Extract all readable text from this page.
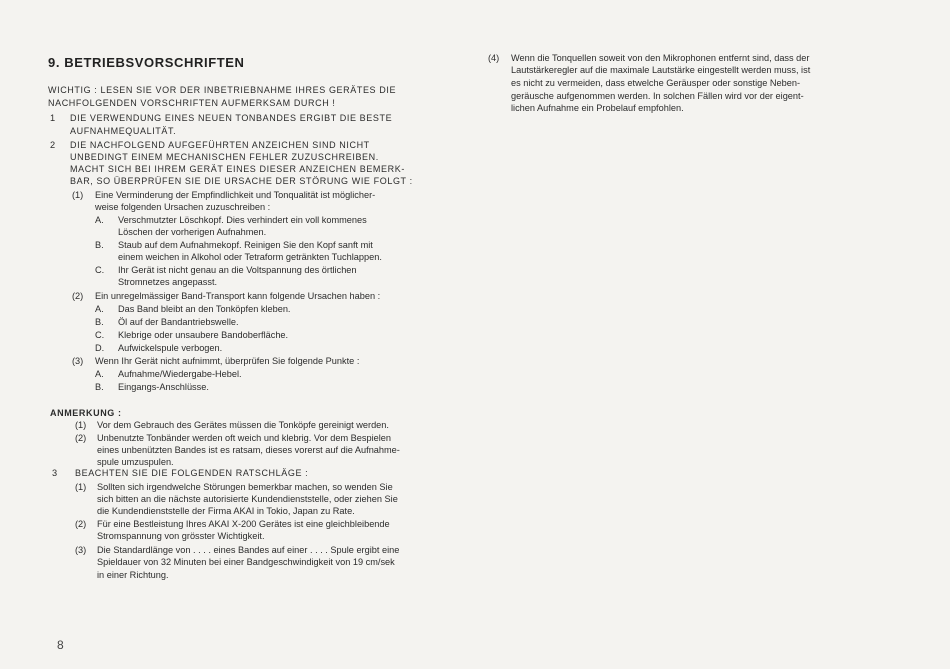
9. BETRIEBSVORSCHRIFTEN
WICHTIG : LESEN SIE VOR DER INBETRIEBNAHME IHRES GERÄTES DIE
NACHFOLGENDEN VORSCHRIFTEN AUFMERKSAM DURCH !
1 DIE VERWENDUNG EINES NEUEN TONBANDES ERGIBT DIE BESTE
AUFNAHMEQUALITÄT.
2 DIE NACHFOLGEND AUFGEFÜHRTEN ANZEICHEN SIND NICHT
UNBEDINGT EINEM MECHANISCHEN FEHLER ZUZUSCHREIBEN.
MACHT SICH BEI IHREM GERÄT EINES DIESER ANZEICHEN BEMERK-
BAR, SO ÜBERPRÜFEN SIE DIE URSACHE DER STÖRUNG WIE FOLGT :
(1) Eine Verminderung der Empfindlichkeit und Tonqualität ist möglicher-
weise folgenden Ursachen zuzuschreiben :
A. Verschmutzter Löschkopf. Dies verhindert ein voll kommenes
Löschen der vorherigen Aufnahmen.
B. Staub auf dem Aufnahmekopf. Reinigen Sie den Kopf sanft mit
einem weichen in Alkohol oder Tetraform getränkten Tuchlappen.
C. Ihr Gerät ist nicht genau an die Voltspannung des örtlichen
Stromnetzes angepasst.
(2) Ein unregelmässiger Band-Transport kann folgende Ursachen haben :
A. Das Band bleibt an den Tonköpfen kleben.
B. Öl auf der Bandantriebswelle.
C. Klebrige oder unsaubere Bandoberfläche.
D. Aufwickelspule verbogen.
(3) Wenn Ihr Gerät nicht aufnimmt, überprüfen Sie folgende Punkte :
A. Aufnahme/Wiedergabe-Hebel.
B. Eingangs-Anschlüsse.
ANMERKUNG :
(1) Vor dem Gebrauch des Gerätes müssen die Tonköpfe gereinigt werden.
(2) Unbenutzte Tonbänder werden oft weich und klebrig. Vor dem Bespielen
eines unbenützten Bandes ist es ratsam, dieses vorerst auf die Aufnahme-
spule umzuspulen.
3 BEACHTEN SIE DIE FOLGENDEN RATSCHLÄGE :
(1) Sollten sich irgendwelche Störungen bemerkbar machen, so wenden Sie
sich bitten an die nächste autorisierte Kundendienststelle, oder ziehen Sie
die Kundendienststelle der Firma AKAI in Tokio, Japan zu Rate.
(2) Für eine Bestleistung Ihres AKAI X-200 Gerätes ist eine gleichbleibende
Stromspannung von grösster Wichtigkeit.
(3) Die Standardlänge von . . . . eines Bandes auf einer . . . . Spule ergibt eine
Spieldauer von 32 Minuten bei einer Bandgeschwindigkeit von 19 cm/sek
in einer Richtung.
(4) Wenn die Tonquellen soweit von den Mikrophonen entfernt sind, dass der
Lautstärkeregler auf die maximale Lautstärke eingestellt werden muss, ist
es nicht zu vermeiden, dass etwelche Geräusper oder sonstige Neben-
geräusche aufgenommen werden. In solchen Fällen wird vor der eigent-
lichen Aufnahme ein Probelauf empfohlen.
8
